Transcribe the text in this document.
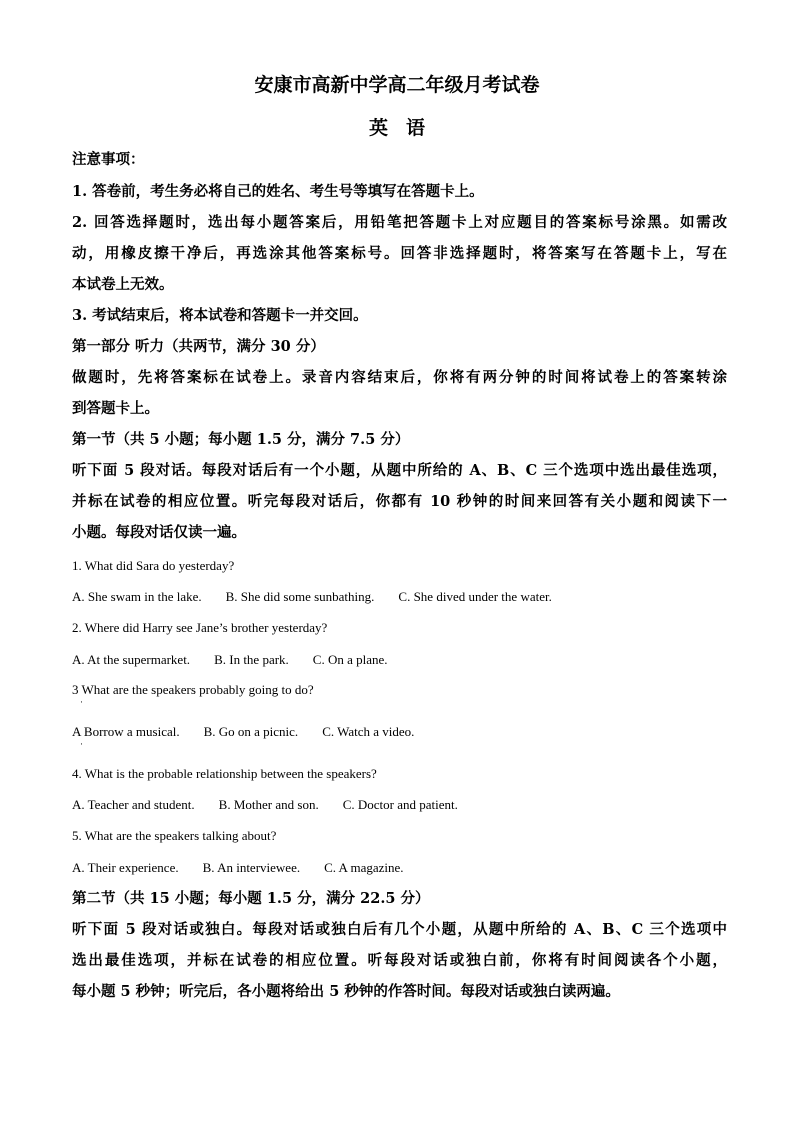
安康市高新中学高二年级月考试卷
英语
注意事项：
1. 答卷前，考生务必将自己的姓名、考生号等填写在答题卡上。
2. 回答选择题时，选出每小题答案后，用铅笔把答题卡上对应题目的答案标号涂黑。如需改
动，用橡皮擦干净后，再选涂其他答案标号。回答非选择题时，将答案写在答题卡上，写在
本试卷上无效。
3. 考试结束后，将本试卷和答题卡一并交回。
第一部分 听力（共两节，满分 30 分）
做题时，先将答案标在试卷上。录音内容结束后，你将有两分钟的时间将试卷上的答案转涂
到答题卡上。
第一节（共 5 小题；每小题 1.5 分，满分 7.5 分）
听下面 5 段对话。每段对话后有一个小题，从题中所给的 A、B、C 三个选项中选出最佳选项，
并标在试卷的相应位置。听完每段对话后，你都有 10 秒钟的时间来回答有关小题和阅读下一
小题。每段对话仅读一遍。
1. What did Sara do yesterday?
A. She swam in the lake. B. She did some sunbathing. C. She dived under the water.
2. Where did Harry see Jane’s brother yesterday?
A. At the supermarket. B. In the park. C. On a plane.
3 What are the speakers probably going to do?
·
A Borrow a musical. B. Go on a picnic. C. Watch a video.
·
4. What is the probable relationship between the speakers?
A. Teacher and student. B. Mother and son. C. Doctor and patient.
5. What are the speakers talking about?
A. Their experience. B. An interviewee. C. A magazine.
第二节（共 15 小题；每小题 1.5 分，满分 22.5 分）
听下面 5 段对话或独白。每段对话或独白后有几个小题，从题中所给的 A、B、C 三个选项中
选出最佳选项，并标在试卷的相应位置。听每段对话或独白前，你将有时间阅读各个小题，
每小题 5 秒钟；听完后，各小题将给出 5 秒钟的作答时间。每段对话或独白读两遍。
